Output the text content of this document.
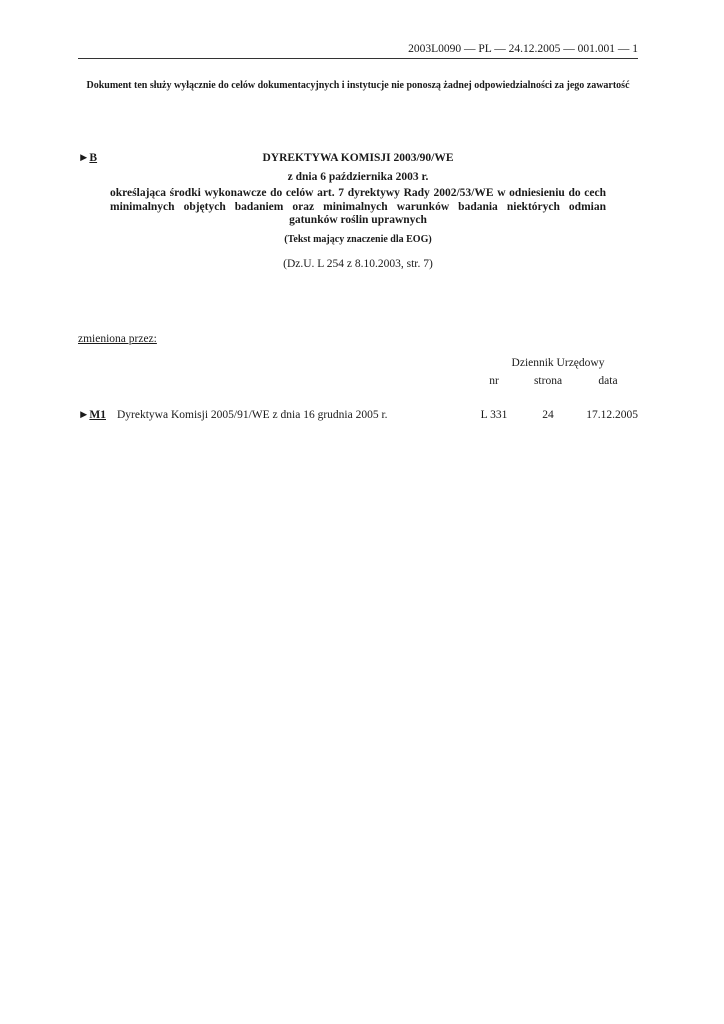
2003L0090 — PL — 24.12.2005 — 001.001 — 1
Dokument ten służy wyłącznie do celów dokumentacyjnych i instytucje nie ponoszą żadnej odpowiedzialności za jego zawartość
►B	DYREKTYWA KOMISJI 2003/90/WE
z dnia 6 października 2003 r.
określająca środki wykonawcze do celów art. 7 dyrektywy Rady 2002/53/WE w odniesieniu do cech minimalnych objętych badaniem oraz minimalnych warunków badania niektórych odmian gatunków roślin uprawnych
(Tekst mający znaczenie dla EOG)
(Dz.U. L 254 z 8.10.2003, str. 7)
zmieniona przez:
Dziennik Urzędowy
nr	strona	data
►M1 Dyrektywa Komisji 2005/91/WE z dnia 16 grudnia 2005 r.	L 331	24	17.12.2005
